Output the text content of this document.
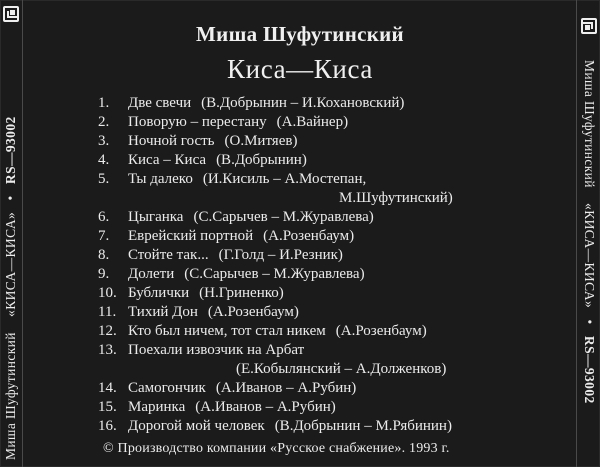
Миша Шуфутинский    «КИСА—КИСА»   •   RS—93002	Миша Шуфутинский    «КИСА—КИСА»   •   RS—93002
Миша Шуфутинский
Киса—Киса
1. Две свечи (В.Добрынин – И.Кохановский)
2. Поворую – перестану (А.Вайнер)
3. Ночной гость (О.Митяев)
4. Киса – Киса (В.Добрынин)
5. Ты далеко (И.Кисиль – А.Мостепан,
М.Шуфутинский)
6. Цыганка (С.Сарычев – М.Журавлева)
7. Еврейский портной (А.Розенбаум)
8. Стойте так... (Г.Голд – И.Резник)
9. Долети (С.Сарычев – М.Журавлева)
10. Бублички (Н.Гриненко)
11. Тихий Дон (А.Розенбаум)
12. Кто был ничем, тот стал никем (А.Розенбаум)
13. Поехали извозчик на Арбат
(Е.Кобылянский – А.Долженков)
14. Самогончик (А.Иванов – А.Рубин)
15. Маринка (А.Иванов – А.Рубин)
16. Дорогой мой человек (В.Добрынин – М.Рябинин)
© Производство компании «Русское снабжение». 1993 г.
